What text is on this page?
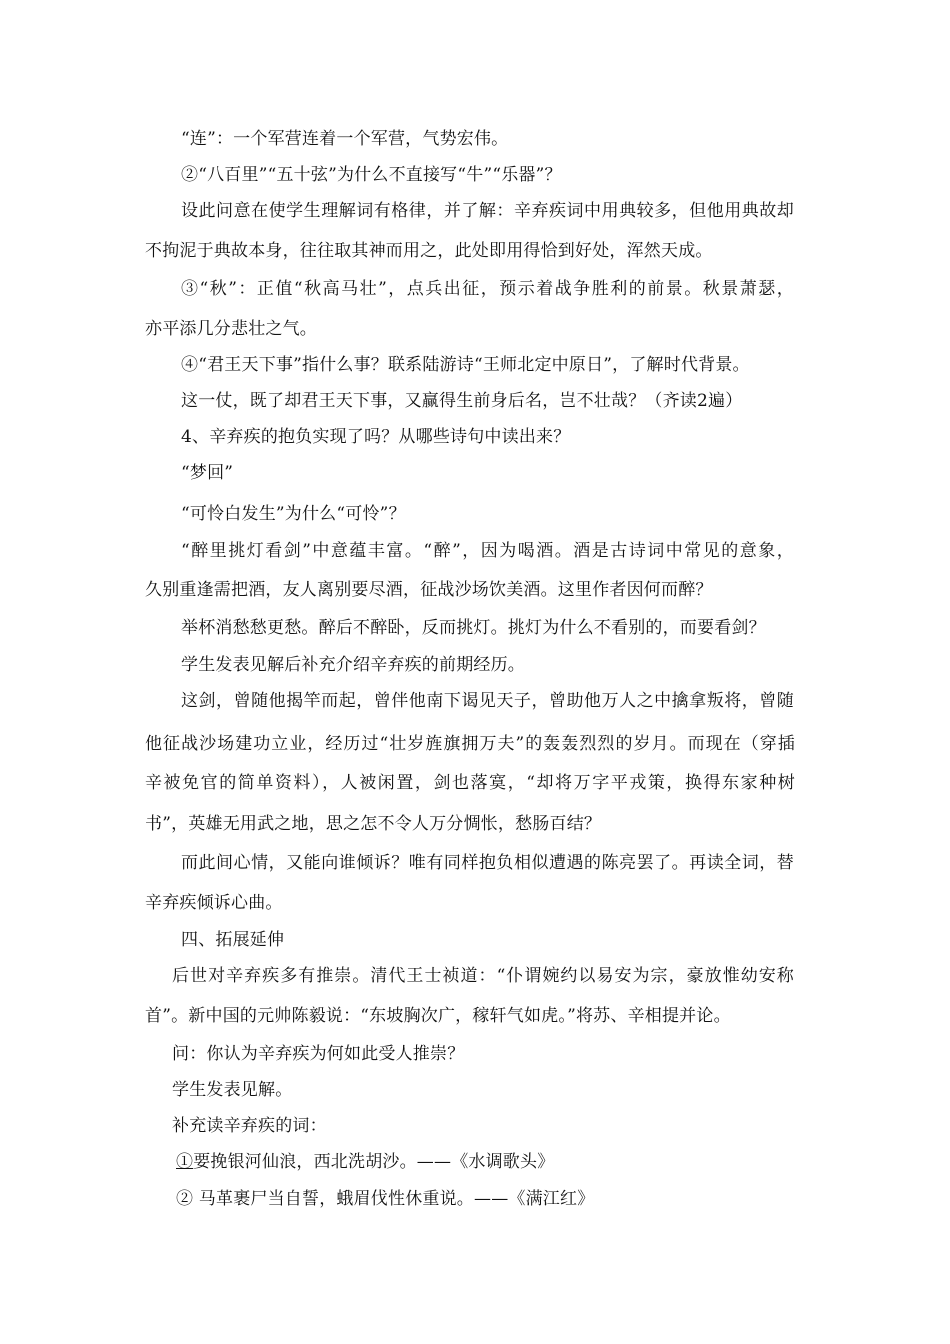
“连”：一个军营连着一个军营，气势宏伟。
②“八百里”“五十弦”为什么不直接写“牛”“乐器”？
设此问意在使学生理解词有格律，并了解：辛弃疾词中用典较多，但他用典故却
不拘泥于典故本身，往往取其神而用之，此处即用得恰到好处，浑然天成。
③“秋”：正值“秋高马壮”，点兵出征，预示着战争胜利的前景。秋景萧瑟，
亦平添几分悲壮之气。
④“君王天下事”指什么事？联系陆游诗“王师北定中原日”，了解时代背景。
这一仗，既了却君王天下事，又赢得生前身后名，岂不壮哉？（齐读2遍）
4、辛弃疾的抱负实现了吗？从哪些诗句中读出来？
“梦回”
“可怜白发生”为什么“可怜”？
“醉里挑灯看剑”中意蕴丰富。“醉”，因为喝酒。酒是古诗词中常见的意象，
久别重逢需把酒，友人离别要尽酒，征战沙场饮美酒。这里作者因何而醉？
举杯消愁愁更愁。醉后不醉卧，反而挑灯。挑灯为什么不看别的，而要看剑？
学生发表见解后补充介绍辛弃疾的前期经历。
这剑，曾随他揭竿而起，曾伴他南下谒见天子，曾助他万人之中擒拿叛将，曾随
他征战沙场建功立业，经历过“壮岁旌旗拥万夫”的轰轰烈烈的岁月。而现在（穿插
辛被免官的简单资料），人被闲置，剑也落寞，“却将万字平戎策，换得东家种树
书”，英雄无用武之地，思之怎不令人万分惆怅，愁肠百结？
而此间心情，又能向谁倾诉？唯有同样抱负相似遭遇的陈亮罢了。再读全词，替
辛弃疾倾诉心曲。
四、拓展延伸
后世对辛弃疾多有推崇。清代王士祯道：“仆谓婉约以易安为宗，豪放惟幼安称
首”。新中国的元帅陈毅说：“东坡胸次广，稼轩气如虎。”将苏、辛相提并论。
问：你认为辛弃疾为何如此受人推崇？
学生发表见解。
补充读辛弃疾的词：
①要挽银河仙浪，西北洗胡沙。——《水调歌头》
② 马革裹尸当自誓，蛾眉伐性休重说。——《满江红》
